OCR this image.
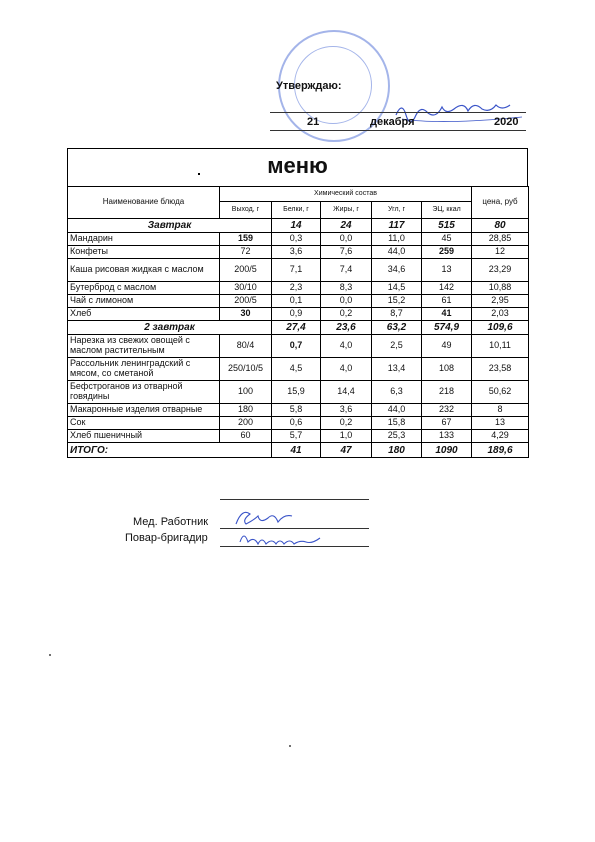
Утверждаю:
21	декабря	2020
меню
Наименование блюда	Химический состав					цена, руб
	Выход, г	Белки, г	Жиры, г	Угл, г	ЭЦ, ккал	
Завтрак		14	24	117	515	80
Мандарин	159	0,3	0,0	11,0	45	28,85
Конфеты	72	3,6	7,6	44,0	259	12
Каша рисовая жидкая с маслом	200/5	7,1	7,4	34,6	13	23,29
Бутерброд с маслом	30/10	2,3	8,3	14,5	142	10,88
Чай с лимоном	200/5	0,1	0,0	15,2	61	2,95
Хлеб	30	0,9	0,2	8,7	41	2,03
2 завтрак		27,4	23,6	63,2	574,9	109,6
Нарезка из свежих овощей с маслом растительным	80/4	0,7	4,0	2,5	49	10,11
Рассольник ленинградский с мясом, со сметаной	250/10/5	4,5	4,0	13,4	108	23,58
Бефстроганов из отварной говядины	100	15,9	14,4	6,3	218	50,62
Макаронные изделия отварные	180	5,8	3,6	44,0	232	8
Сок	200	0,6	0,2	15,8	67	13
Хлеб пшеничный	60	5,7	1,0	25,3	133	4,29
ИТОГО:		41	47	180	1090	189,6
Мед. Работник
Повар-бригадир
